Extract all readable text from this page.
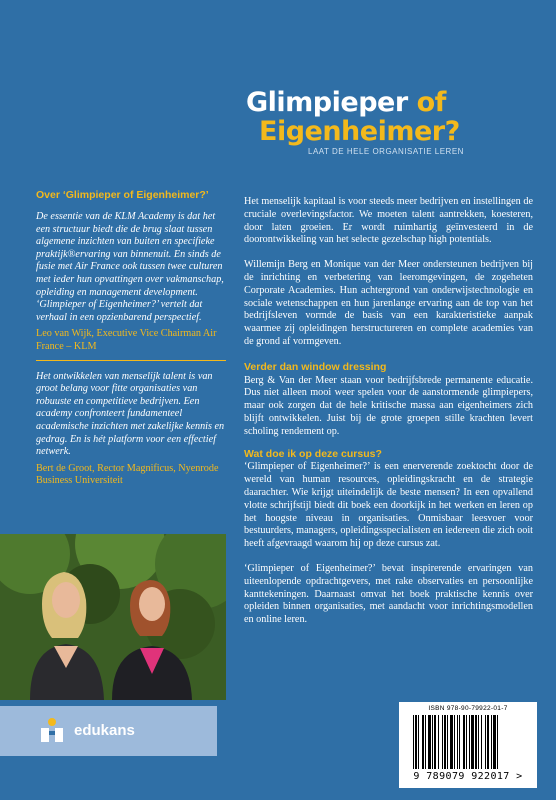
Glimpieper of
Eigenheimer?
LAAT DE HELE ORGANISATIE LEREN
Over ‘Glimpieper of Eigenheimer?’

De essentie van de KLM Academy is dat het een structuur biedt die de brug slaat tussen algemene inzichten van buiten en specifieke praktijk®ervaring van binnenuit. En sinds de fusie met Air France ook tussen twee culturen met ieder hun opvattingen over vakmanschap, opleiding en management development. ‘Glimpieper of Eigenheimer?’ vertelt dat verhaal in een opzienbarend perspectief.

Leo van Wijk, Executive Vice Chairman Air France – KLM

Het ontwikkelen van menselijk talent is van groot belang voor fitte organisaties van robuuste en competitieve bedrijven. Een academy confronteert fundamenteel academische inzichten met zakelijke kennis en gedrag. En is hét platform voor een effectief netwerk.

Bert de Groot, Rector Magnificus, Nyenrode Business Universiteit

edukans

Het menselijk kapitaal is voor steeds meer bedrijven en instellingen de cruciale overlevingsfactor. We moeten talent aantrekken, koesteren, door laten groeien. Er wordt ruimhartig geïnvesteerd in de doorontwikkeling van het selecte gezelschap high potentials.

Willemijn Berg en Monique van der Meer ondersteunen bedrijven bij de inrichting en verbetering van leeromgevingen, de zogeheten Corporate Academies. Hun achtergrond van onderwijstechnologie en sociale wetenschappen en hun jarenlange ervaring aan de top van het bedrijfsleven vormde de basis van een karakteristieke aanpak waarmee zij opleidingen herstructureren en complete academies van de grond af vormgeven.

Verder dan window dressing

Berg & Van der Meer staan voor bedrijfsbrede permanente educatie. Dus niet alleen mooi weer spelen voor de aanstormende glimpiepers, maar ook zorgen dat de hele kritische massa aan eigenheimers zich blijft ontwikkelen. Juist bij de grote groepen stille krachten levert scholing rendement op.

Wat doe ik op deze cursus?

‘Glimpieper of Eigenheimer?’ is een enerverende zoektocht door de wereld van human resources, opleidingskracht en de strategie daarachter. Wie krijgt uiteindelijk de beste mensen? In een opvallend vlotte schrijfstijl biedt dit boek een doorkijk in het werken en leren op het hoogste niveau in organisaties. Onmisbaar leesvoer voor bestuurders, managers, opleidingsspecialisten en iedereen die zich ooit heeft afgevraagd waarom hij op deze cursus zat.

‘Glimpieper of Eigenheimer?’ bevat inspirerende ervaringen van uiteenlopende opdrachtgevers, met rake observaties en persoonlijke kanttekeningen. Daarnaast omvat het boek praktische kennis over opleiden binnen organisaties, met aandacht voor inrichtingsmodellen en online leren.

ISBN 978-90-79922-01-7
9 789079 922017 >
